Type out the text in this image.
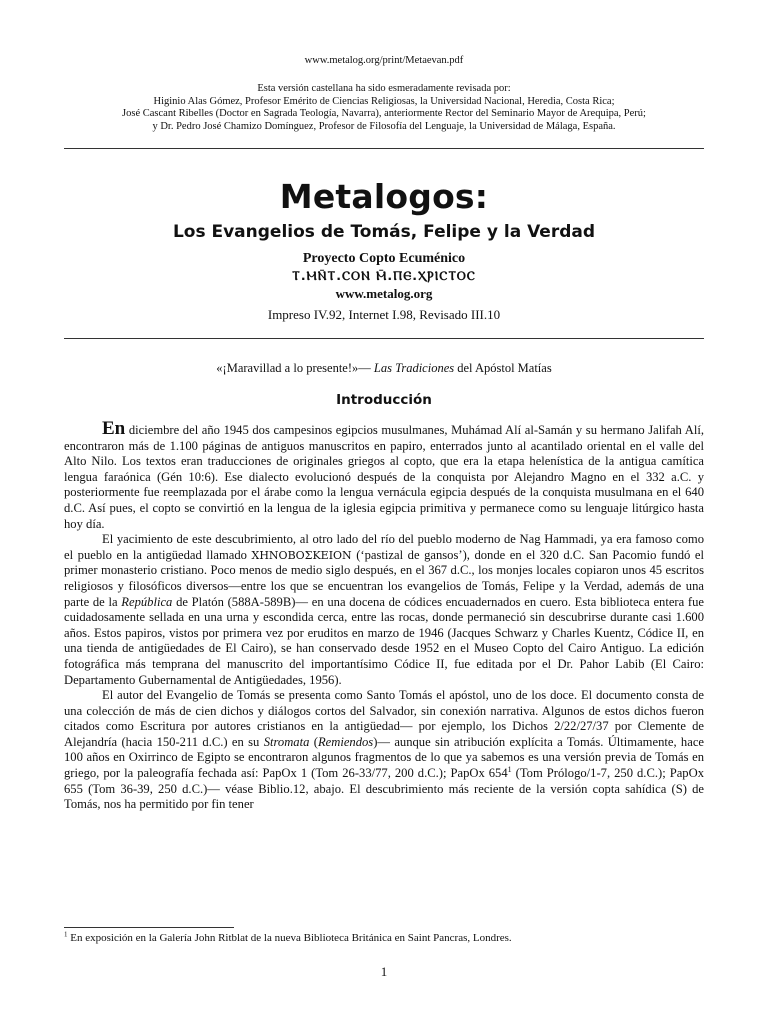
www.metalog.org/print/Metaevan.pdf
Esta versión castellana ha sido esmeradamente revisada por:
Higinio Alas Gómez, Profesor Emérito de Ciencias Religiosas, la Universidad Nacional, Heredia, Costa Rica;
José Cascant Ribelles (Doctor en Sagrada Teología, Navarra), anteriormente Rector del Seminario Mayor de Arequipa, Perú;
y Dr. Pedro José Chamizo Domínguez, Profesor de Filosofía del Lenguaje, la Universidad de Málaga, España.
Metalogos:
Los Evangelios de Tomás, Felipe y la Verdad
Proyecto Copto Ecuménico
Ⲧ.ⲘⲚ̄Ⲧ.ⲤⲞⲚ Ⲙ̄.ⲠⲈ.ⲬⲢⲒⲤⲦⲞⲤ
www.metalog.org
Impreso IV.92, Internet I.98, Revisado III.10
«¡Maravillad a lo presente!»— Las Tradiciones del Apóstol Matías
Introducción

En diciembre del año 1945 dos campesinos egipcios musulmanes, Muhámad Alí al-Samán y su hermano Jalifah Alí, encontraron más de 1.100 páginas de antiguos manuscritos en papiro, enterrados junto al acantilado oriental en el valle del Alto Nilo. Los textos eran traducciones de originales griegos al copto, que era la etapa helenística de la antigua camítica lengua faraónica (Gén 10:6). Ese dialecto evolucionó después de la conquista por Alejandro Magno en el 332 a.C. y posteriormente fue reemplazada por el árabe como la lengua vernácula egipcia después de la conquista musulmana en el 640 d.C. Así pues, el copto se convirtió en la lengua de la iglesia egipcia primitiva y permanece como su lenguaje litúrgico hasta hoy día.

El yacimiento de este descubrimiento, al otro lado del río del pueblo moderno de Nag Hammadi, ya era famoso como el pueblo en la antigüedad llamado ΧΗΝΟΒΟΣΚΕΙΟΝ (‘pastizal de gansos’), donde en el 320 d.C. San Pacomio fundó el primer monasterio cristiano. Poco menos de medio siglo después, en el 367 d.C., los monjes locales copiaron unos 45 escritos religiosos y filosóficos diversos—entre los que se encuentran los evangelios de Tomás, Felipe y la Verdad, además de una parte de la República de Platón (588A-589B)— en una docena de códices encuadernados en cuero. Esta biblioteca entera fue cuidadosamente sellada en una urna y escondida cerca, entre las rocas, donde permaneció sin descubrirse durante casi 1.600 años. Estos papiros, vistos por primera vez por eruditos en marzo de 1946 (Jacques Schwarz y Charles Kuentz, Códice II, en una tienda de antigüedades de El Cairo), se han conservado desde 1952 en el Museo Copto del Cairo Antiguo. La edición fotográfica más temprana del manuscrito del importantísimo Códice II, fue editada por el Dr. Pahor Labib (El Cairo: Departamento Gubernamental de Antigüedades, 1956).

El autor del Evangelio de Tomás se presenta como Santo Tomás el apóstol, uno de los doce. El documento consta de una colección de más de cien dichos y diálogos cortos del Salvador, sin conexión narrativa. Algunos de estos dichos fueron citados como Escritura por autores cristianos en la antigüedad— por ejemplo, los Dichos 2/22/27/37 por Clemente de Alejandría (hacia 150-211 d.C.) en su Stromata (Remiendos)— aunque sin atribución explícita a Tomás. Últimamente, hace 100 años en Oxirrinco de Egipto se encontraron algunos fragmentos de lo que ya sabemos es una versión previa de Tomás en griego, por la paleografía fechada así: PapOx 1 (Tom 26-33/77, 200 d.C.); PapOx $654^1$ (Tom Prólogo/1-7, 250 d.C.); PapOx 655 (Tom 36-39, 250 d.C.)— véase Biblio.12, abajo. El descubrimiento más reciente de la versión copta sahídica (S) de Tomás, nos ha permitido por fin tener

$^1$ En exposición en la Galería John Ritblat de la nueva Biblioteca Británica en Saint Pancras, Londres.
1
